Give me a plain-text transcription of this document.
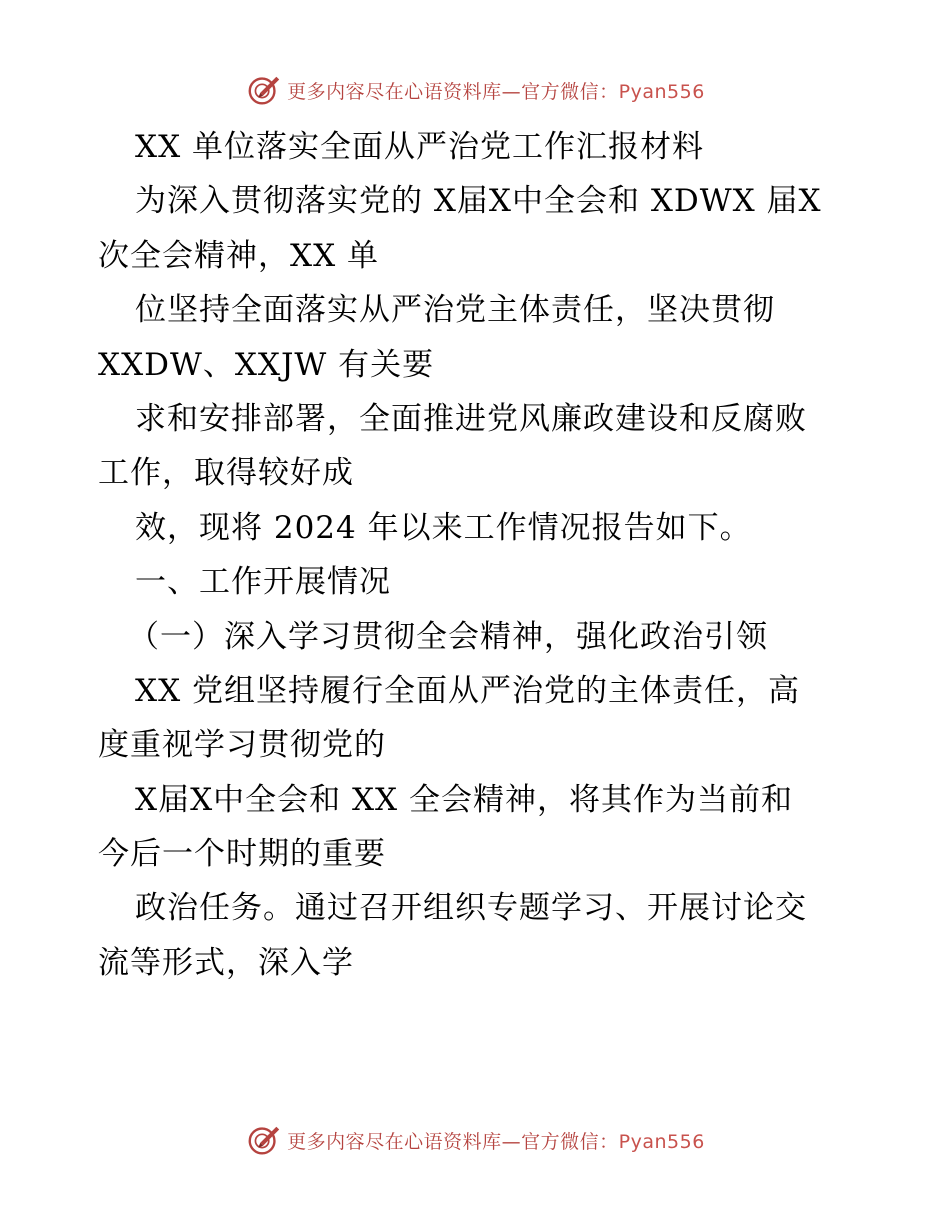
更多内容尽在心语资料库—官方微信：Pyan556
XX 单位落实全面从严治党工作汇报材料
为深入贯彻落实党的 X届X中全会和 XDWX 届X
次全会精神，XX 单
位坚持全面落实从严治党主体责任，坚决贯彻
XXDW、XXJW 有关要
求和安排部署，全面推进党风廉政建设和反腐败
工作，取得较好成
效，现将 2024 年以来工作情况报告如下。
一、工作开展情况
（一）深入学习贯彻全会精神，强化政治引领
XX 党组坚持履行全面从严治党的主体责任，高
度重视学习贯彻党的
X届X中全会和 XX 全会精神，将其作为当前和
今后一个时期的重要
政治任务。通过召开组织专题学习、开展讨论交
流等形式，深入学
更多内容尽在心语资料库—官方微信：Pyan556
